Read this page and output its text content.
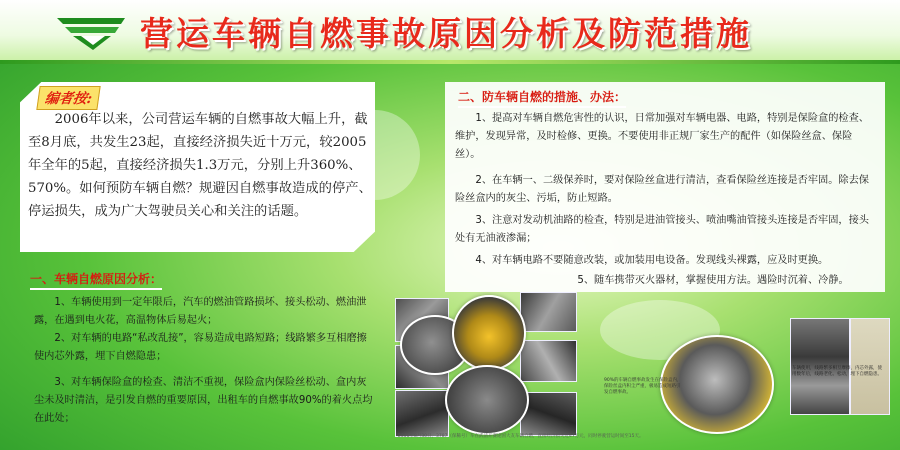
营运车辆自燃事故原因分析及防范措施
编者按:

2006年以来，公司营运车辆的自燃事故大幅上升，截至8月底，共发生23起，直接经济损失近十万元，较2005年全年的5起，直接经济损失1.3万元，分别上升360%、570%。如何预防车辆自燃？规避因自燃事故造成的停产、停运损失，成为广大驾驶员关心和关注的话题。

一、车辆自燃原因分析：

1、车辆使用到一定年限后，汽车的燃油管路损坏、接头松动、燃油泄露，在遇到电火花，高温物体后易起火；

2、对车辆的电路“私改乱接”，容易造成电路短路；线路繁多互相磨擦使内芯外露，埋下自燃隐患；

3、对车辆保险盒的检查、清洁不重视，保险盒内保险丝松动、盒内灰尘未及时清洁，是引发自燃的重要原因，出租车的自燃事故90%的着火点均在此处；

二、防车辆自燃的措施、办法：

1、提高对车辆自燃危害性的认识，日常加强对车辆电器、电路，特别是保险盒的检查、维护，发现异常，及时检修、更换。不要使用非正规厂家生产的配件（如保险丝盒、保险丝）。

2、在车辆一、二级保养时，要对保险丝盒进行清洁，查看保险丝连接是否牢固。除去保险丝盒内的灰尘、污垢，防止短路。

3、注意对发动机油路的检查，特别是进油管接头、喷油嘴油管接头连接是否牢固，接头处有无油液渗漏；

4、对车辆电路不要随意改装，或加装用电设备。发现线头裸露，应及时更换。

5、随车携带灭火器材，掌握使用方法。遇险时沉着、冷静。

90%的车辆自燃事故发生在保险盒内，保险丝盒内积尘严重，极易造成短路引发自燃事故。
车辆使用，线路繁多相互摩擦，内芯外露，使用数年后，线路老化、松动，埋下自燃隐患。
2006年8月30日，3787（保稀号）车在武清开赛途国大友车辆自燃，直接经济损失近47万元，同时停驶营运时间至15天。
